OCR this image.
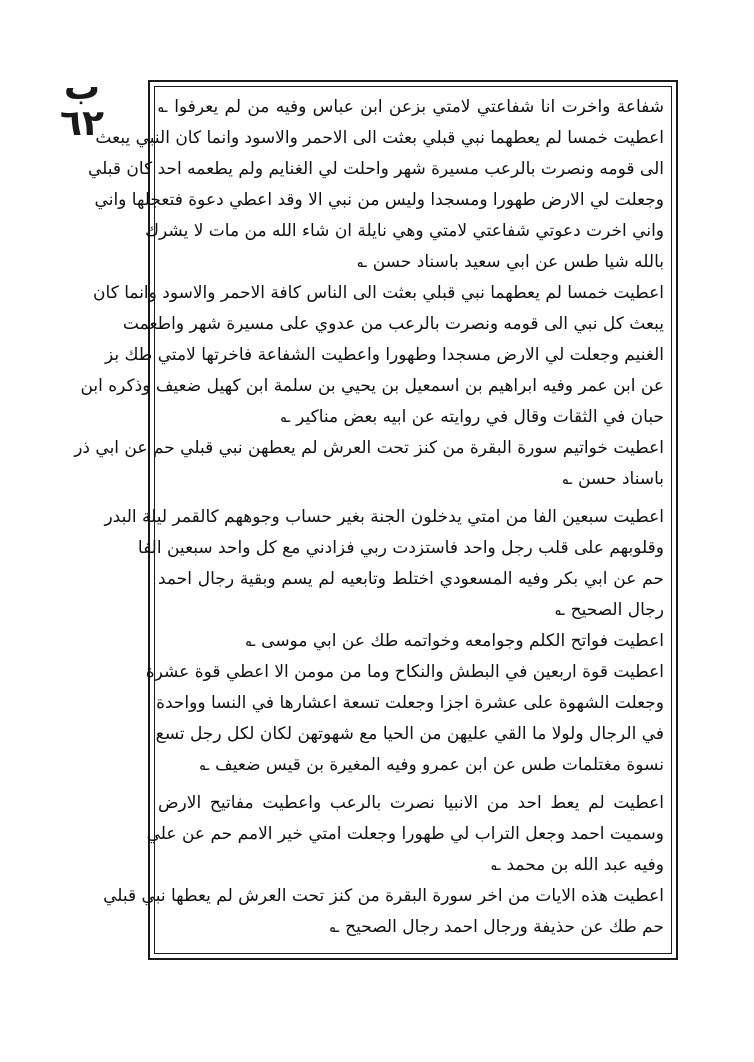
ب ٦٢	شفاعة واخرت انا شفاعتي لامتي بزعن ابن عباس وفيه من لم يعرفوا ؎
اعطيت خمسا لم يعطهما نبي قبلي بعثت الى الاحمر والاسود وانما كان النبي يبعث
الى قومه ونصرت بالرعب مسيرة شهر واحلت لي الغنايم ولم يطعمه احد كان قبلي
وجعلت لي الارض طهورا ومسجدا وليس من نبي الا وقد اعطي دعوة فتعجلها واني
واني اخرت دعوتي شفاعتي لامتي وهي نايلة ان شاء الله من مات لا يشرك
بالله شيا طس عن ابي سعيد باسناد حسن ؎
اعطيت خمسا لم يعطهما نبي قبلي بعثت الى الناس كافة الاحمر والاسود وانما كان
يبعث كل نبي الى قومه ونصرت بالرعب من عدوي على مسيرة شهر واطعمت
الغنيم وجعلت لي الارض مسجدا وطهورا واعطيت الشفاعة فاخرتها لامتي طك بز
عن ابن عمر وفيه ابراهيم بن اسمعيل بن يحيي بن سلمة ابن كهيل ضعيف وذكره ابن
حبان في الثقات وقال في روايته عن ابيه بعض مناكير ؎
اعطيت خواتيم سورة البقرة من كنز تحت العرش لم يعطهن نبي قبلي حم عن ابي ذر
باسناد حسن ؎
اعطيت سبعين الفا من امتي يدخلون الجنة بغير حساب وجوههم كالقمر ليلة البدر
وقلوبهم على قلب رجل واحد فاستزدت ربي فزادني مع كل واحد سبعين الفا
حم عن ابي بكر وفيه المسعودي اختلط وتابعيه لم يسم وبقية رجال احمد
رجال الصحيح ؎
اعطيت فواتح الكلم وجوامعه وخواتمه طك عن ابي موسى ؎
اعطيت قوة اربعين في البطش والنكاح وما من مومن الا اعطي قوة عشرة
وجعلت الشهوة على عشرة اجزا وجعلت تسعة اعشارها في النسا وواحدة
في الرجال ولولا ما القي عليهن من الحيا مع شهوتهن لكان لكل رجل تسع
نسوة مغتلمات طس عن ابن عمرو وفيه المغيرة بن قيس ضعيف ؎
اعطيت لم يعط احد من الانبيا نصرت بالرعب واعطيت مفاتيح الارض
وسميت احمد وجعل التراب لي طهورا وجعلت امتي خير الامم حم عن علي
وفيه عبد الله بن محمد ؎
اعطيت هذه الايات من اخر سورة البقرة من كنز تحت العرش لم يعطها نبي قبلي
حم طك عن حذيفة ورجال احمد رجال الصحيح ؎
